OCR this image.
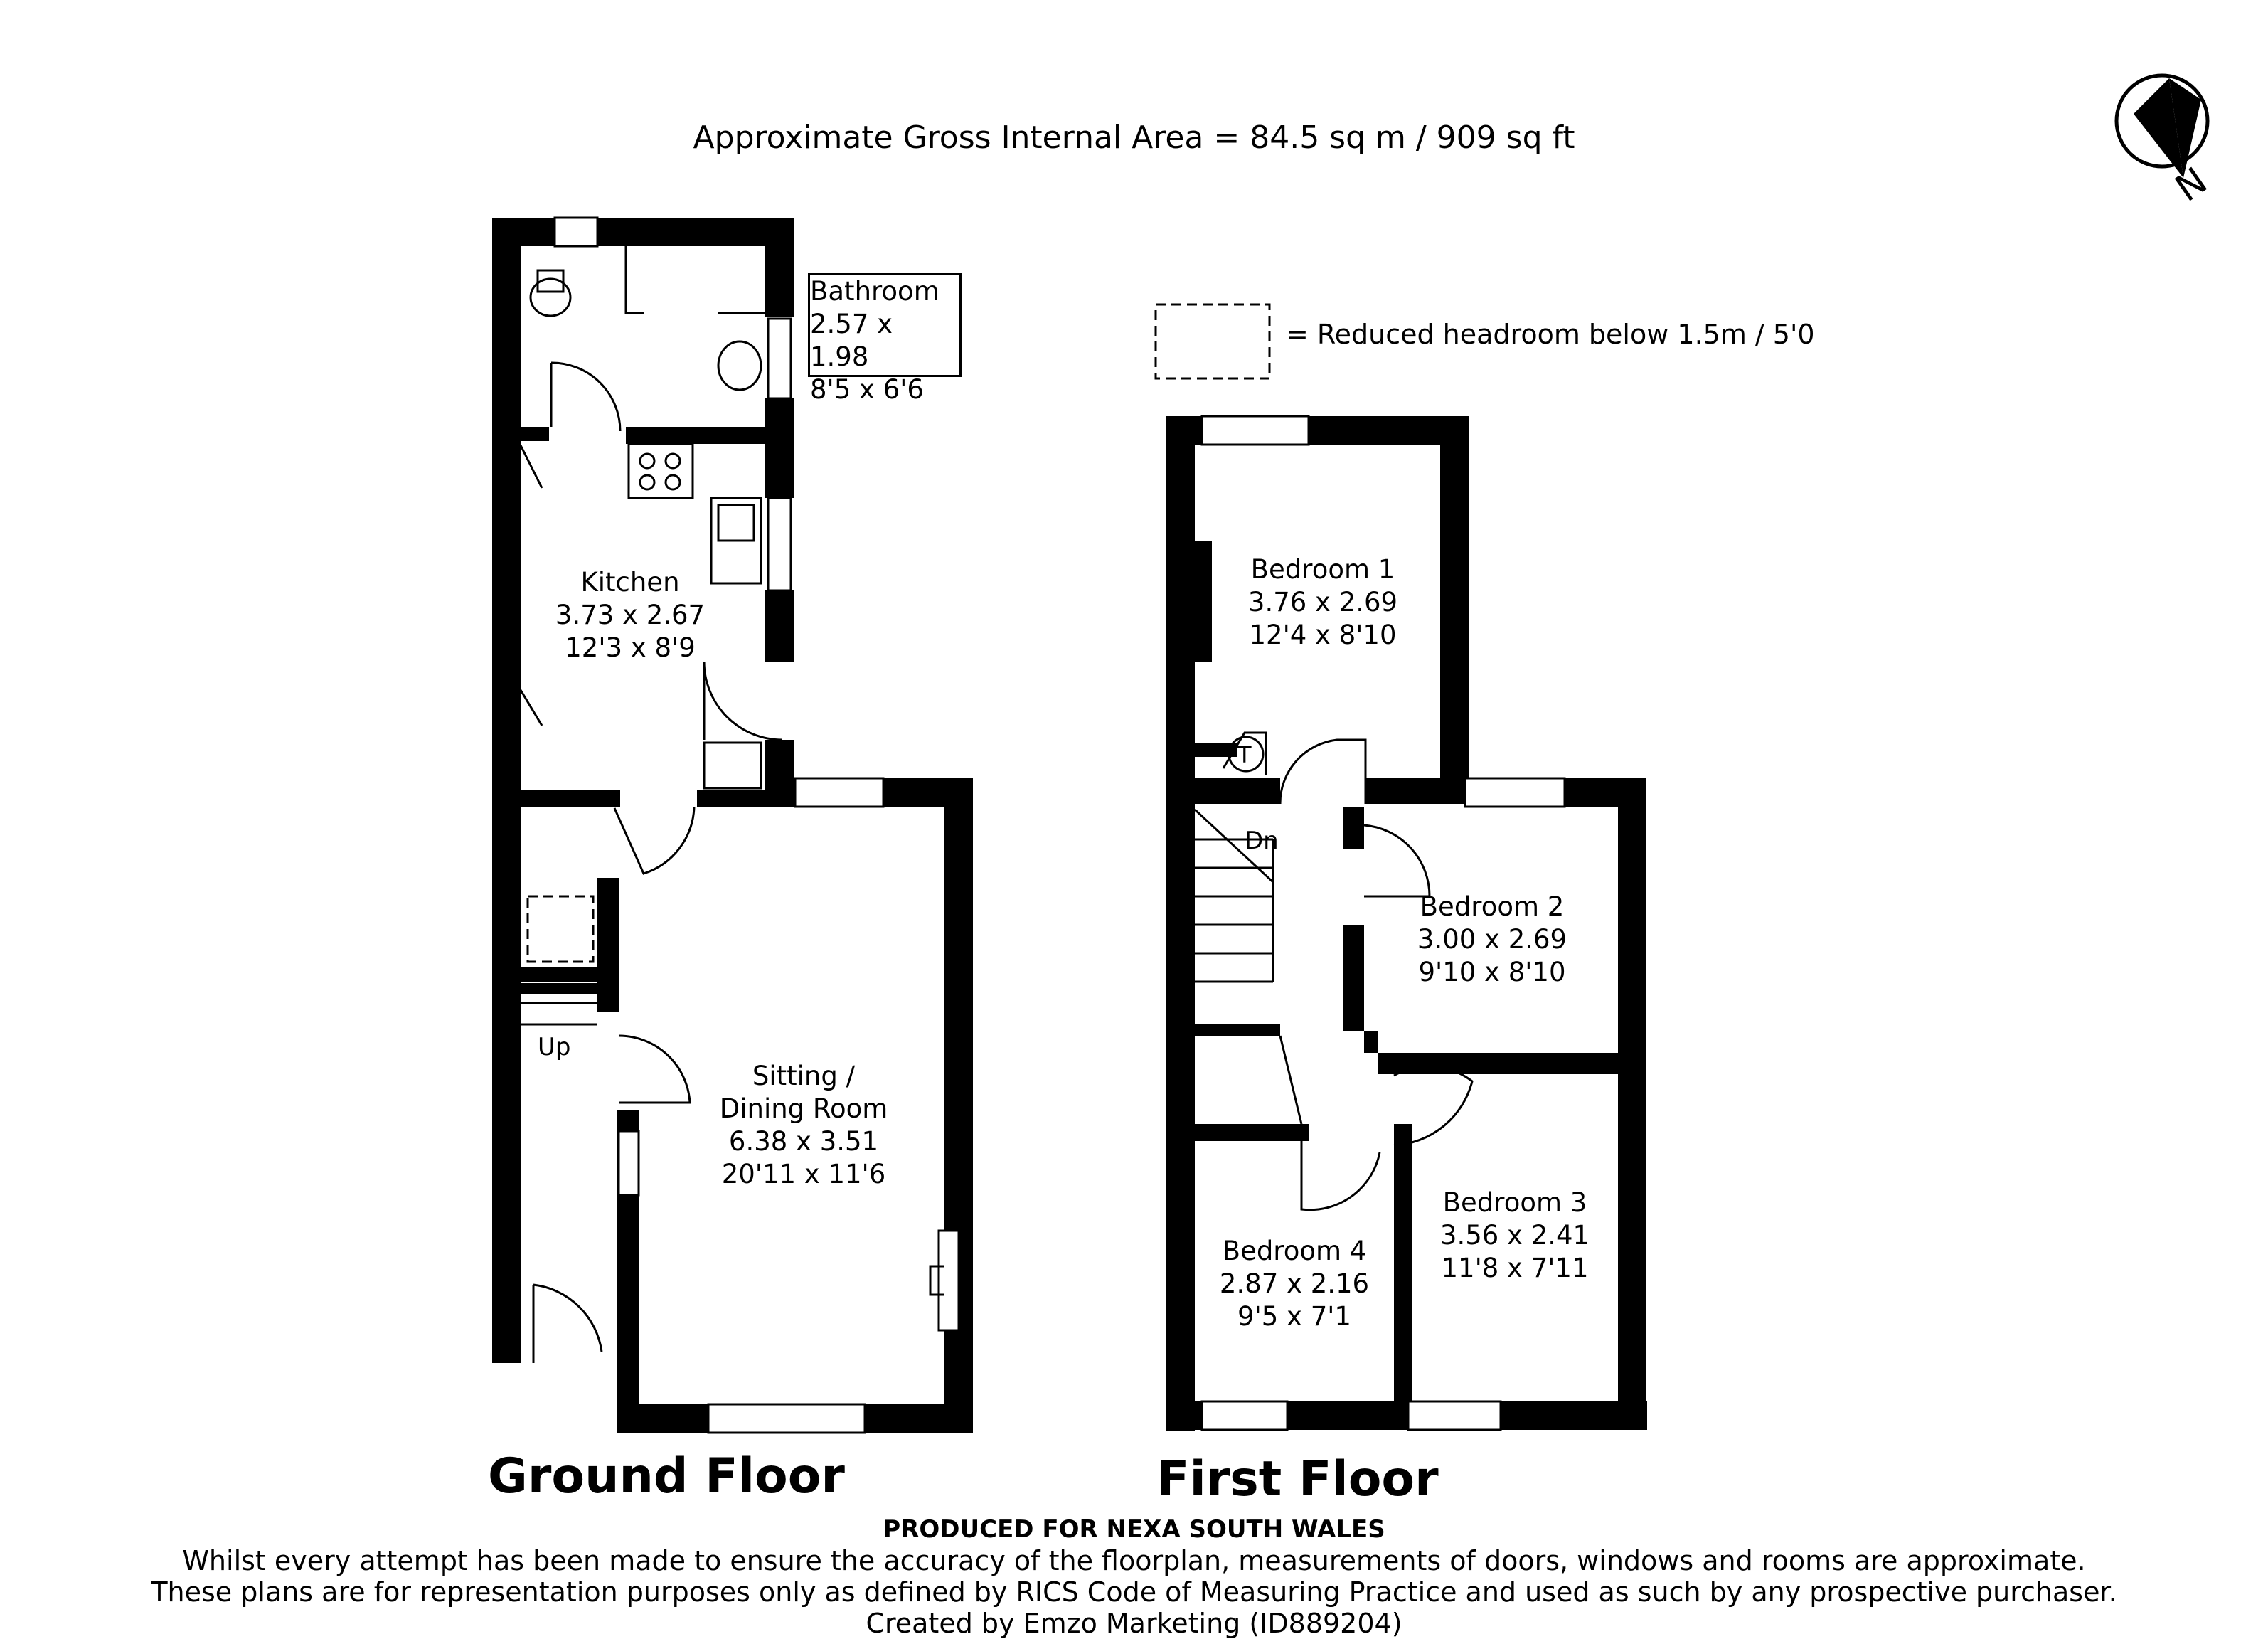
Approximate Gross Internal Area = 84.5 sq m / 909 sq ft
N
= Reduced headroom below 1.5m / 5'0
Bathroom
2.57 x 1.98
8'5 x 6'6
Kitchen
3.73 x 2.67
12'3 x 8'9
Sitting /
Dining Room
6.38 x 3.51
20'11 x 11'6
Up
Ground Floor
Bedroom 1
3.76 x 2.69
12'4 x 8'10
Bedroom 2
3.00 x 2.69
9'10 x 8'10
Bedroom 3
3.56 x 2.41
11'8 x 7'11
Bedroom 4
2.87 x 2.16
9'5 x 7'1
Dn
T
First Floor
PRODUCED FOR NEXA SOUTH WALES
Whilst every attempt has been made to ensure the accuracy of the floorplan, measurements of doors, windows and rooms are approximate.
These plans are for representation purposes only as defined by RICS Code of Measuring Practice and used as such by any prospective purchaser.
Created by Emzo Marketing (ID889204)
